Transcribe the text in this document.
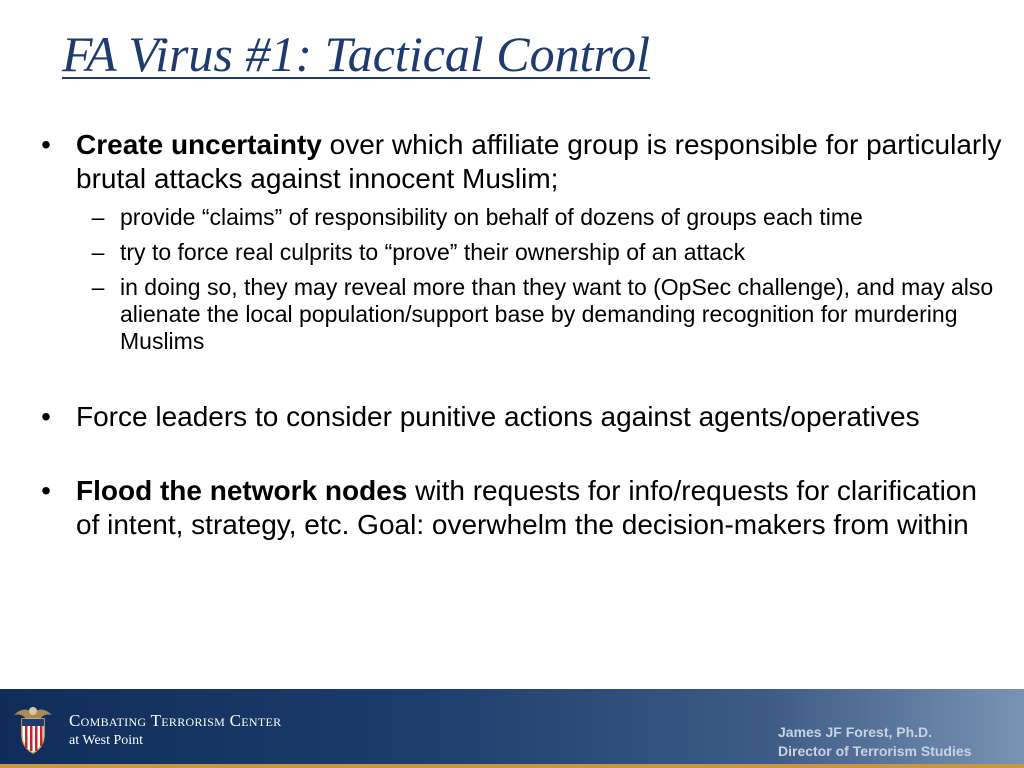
FA Virus #1: Tactical Control
• Create uncertainty over which affiliate group is responsible for particularly brutal attacks against innocent Muslim;
– provide “claims” of responsibility on behalf of dozens of groups each time
– try to force real culprits to “prove” their ownership of an attack
– in doing so, they may reveal more than they want to (OpSec challenge), and may also alienate the local population/support base by demanding recognition for murdering Muslims
• Force leaders to consider punitive actions against agents/operatives
• Flood the network nodes with requests for info/requests for clarification of intent, strategy, etc. Goal: overwhelm the decision-makers from within
Combating Terrorism Center
at West Point
James JF Forest, Ph.D.
Director of Terrorism Studies
